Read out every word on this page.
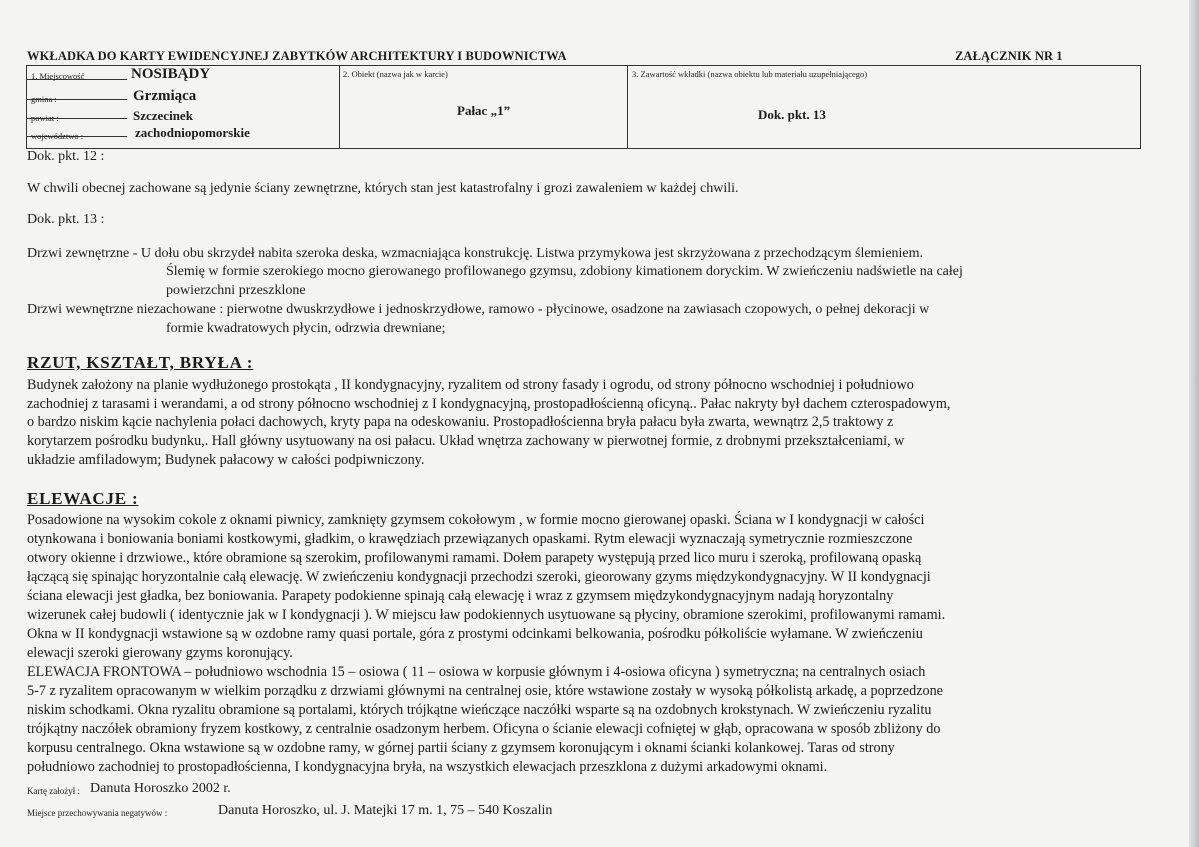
WKŁADKA DO KARTY EWIDENCYJNEJ ZABYTKÓW ARCHITEKTURY I BUDOWNICTWA	ZAŁĄCZNIK NR 1
1. Miejscowość	NOSIBĄDY
gmina :	Grzmiąca
powiat :	Szczecinek
województwo :	zachodniopomorskie
2. Obiekt (nazwa jak w karcie)
Pałac „1”
3. Zawartość wkładki (nazwa obiektu lub materiału uzupełniającego)
Dok. pkt. 13
Dok. pkt. 12 :
W chwili obecnej zachowane są jedynie ściany zewnętrzne, których stan jest katastrofalny i grozi zawaleniem w każdej chwili.
Dok. pkt. 13 :
Drzwi zewnętrzne - U dołu obu skrzydeł nabita szeroka deska, wzmacniająca konstrukcję. Listwa przymykowa jest skrzyżowana z przechodzącym ślemieniem.
Ślemię w formie szerokiego mocno gierowanego profilowanego gzymsu, zdobiony kimationem doryckim. W zwieńczeniu nadświetle na całej
powierzchni przeszklone
Drzwi wewnętrzne niezachowane : pierwotne dwuskrzydłowe i jednoskrzydłowe, ramowo - płycinowe, osadzone na zawiasach czopowych, o pełnej dekoracji w
formie kwadratowych płycin, odrzwia drewniane;
RZUT, KSZTAŁT, BRYŁA :
Budynek założony na planie wydłużonego prostokąta , II kondygnacyjny, ryzalitem od strony fasady i ogrodu, od strony północno wschodniej i południowo
zachodniej z tarasami i werandami, a od strony północno wschodniej z I kondygnacyjną, prostopadłościenną oficyną.. Pałac nakryty był dachem czterospadowym,
o bardzo niskim kącie nachylenia połaci dachowych, kryty papa na odeskowaniu. Prostopadłościenna bryła pałacu była zwarta, wewnątrz 2,5 traktowy z
korytarzem pośrodku budynku,. Hall główny usytuowany na osi pałacu. Układ wnętrza zachowany w pierwotnej formie, z drobnymi przekształceniami, w
układzie amfiladowym; Budynek pałacowy w całości podpiwniczony.
ELEWACJE :
Posadowione na wysokim cokole z oknami piwnicy, zamknięty gzymsem cokołowym , w formie mocno gierowanej opaski. Ściana w I kondygnacji w całości
otynkowana i boniowania boniami kostkowymi, gładkim, o krawędziach przewiązanych opaskami. Rytm elewacji wyznaczają symetrycznie rozmieszczone
otwory okienne i drzwiowe., które obramione są szerokim, profilowanymi ramami. Dołem parapety występują przed lico muru i szeroką, profilowaną opaską
łączącą się spinając horyzontalnie całą elewację. W zwieńczeniu kondygnacji przechodzi szeroki, gieorowany gzyms międzykondygnacyjny. W II kondygnacji
ściana elewacji jest gładka, bez boniowania. Parapety podokienne spinają całą elewację i wraz z gzymsem międzykondygnacyjnym nadają horyzontalny
wizerunek całej budowli ( identycznie jak w I kondygnacji ). W miejscu ław podokiennych usytuowane są płyciny, obramione szerokimi, profilowanymi ramami.
Okna w II kondygnacji wstawione są w ozdobne ramy quasi portale, góra z prostymi odcinkami belkowania, pośrodku półkoliście wyłamane. W zwieńczeniu
elewacji szeroki gierowany gzyms koronujący.
ELEWACJA FRONTOWA – południowo wschodnia 15 – osiowa ( 11 – osiowa w korpusie głównym i 4-osiowa oficyna ) symetryczna; na centralnych osiach
5-7 z ryzalitem opracowanym w wielkim porządku z drzwiami głównymi na centralnej osie, które wstawione zostały w wysoką półkolistą arkadę, a poprzedzone
niskim schodkami. Okna ryzalitu obramione są portalami, których trójkątne wieńczące naczółki wsparte są na ozdobnych krokstynach. W zwieńczeniu ryzalitu
trójkątny naczółek obramiony fryzem kostkowy, z centralnie osadzonym herbem. Oficyna o ścianie elewacji cofniętej w głąb, opracowana w sposób zbliżony do
korpusu centralnego. Okna wstawione są w ozdobne ramy, w górnej partii ściany z gzymsem koronującym i oknami ścianki kolankowej. Taras od strony
południowo zachodniej to prostopadłościenna, I kondygnacyjna bryła, na wszystkich elewacjach przeszklona z dużymi arkadowymi oknami.
Kartę założył : Danuta Horoszko 2002 r.
Miejsce przechowywania negatywów :	Danuta Horoszko, ul. J. Matejki 17 m. 1, 75 – 540 Koszalin
